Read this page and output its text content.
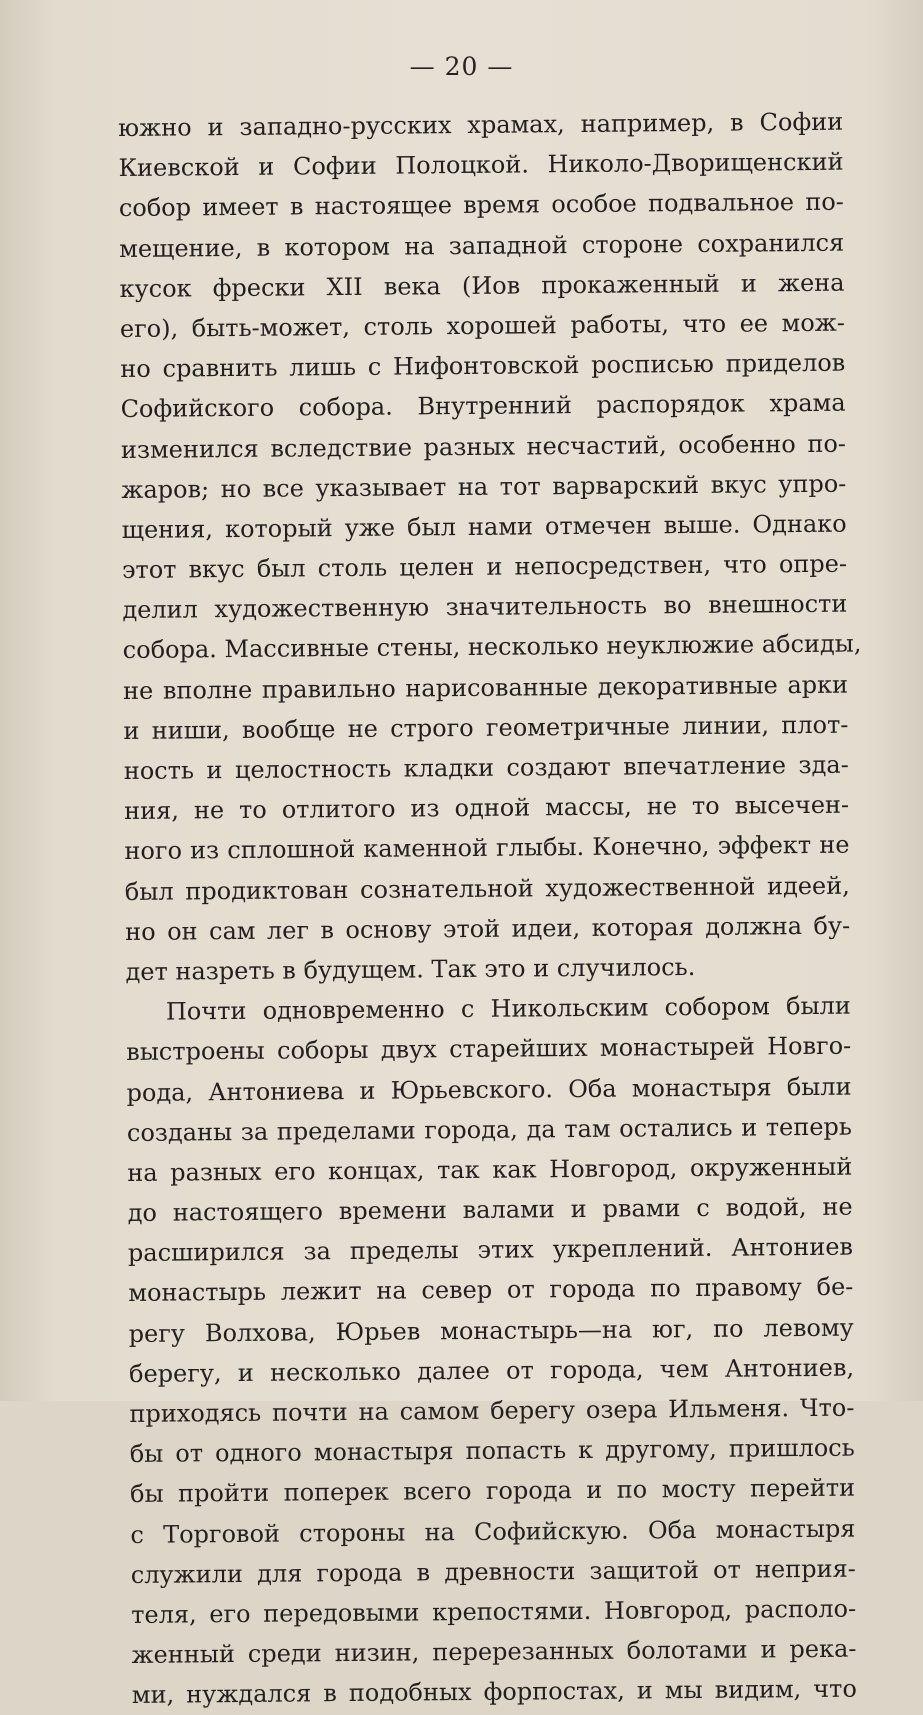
— 20 —
южно и западно-русских храмах, например, в Софии
Киевской и Софии Полоцкой. Николо-Дворищенский
собор имеет в настоящее время особое подвальное по-
мещение, в котором на западной стороне сохранился
кусок фрески XII века (Иов прокаженный и жена
его), быть-может, столь хорошей работы, что ее мож-
но сравнить лишь с Нифонтовской росписью приделов
Софийского собора. Внутренний распорядок храма
изменился вследствие разных несчастий, особенно по-
жаров; но все указывает на тот варварский вкус упро-
щения, который уже был нами отмечен выше. Однако
этот вкус был столь целен и непосредствен, что опре-
делил художественную значительность во внешности
собора. Массивные стены, несколько неуклюжие абсиды,
не вполне правильно нарисованные декоративные арки
и ниши, вообще не строго геометричные линии, плот-
ность и целостность кладки создают впечатление зда-
ния, не то отлитого из одной массы, не то высечен-
ного из сплошной каменной глыбы. Конечно, эффект не
был продиктован сознательной художественной идеей,
но он сам лег в основу этой идеи, которая должна бу-
дет назреть в будущем. Так это и случилось.
Почти одновременно с Никольским собором были
выстроены соборы двух старейших монастырей Новго-
рода, Антониева и Юрьевского. Оба монастыря были
созданы за пределами города, да там остались и теперь
на разных его концах, так как Новгород, окруженный
до настоящего времени валами и рвами с водой, не
расширился за пределы этих укреплений. Антониев
монастырь лежит на север от города по правому бе-
регу Волхова, Юрьев монастырь—на юг, по левому
берегу, и несколько далее от города, чем Антониев,
приходясь почти на самом берегу озера Ильменя. Что-
бы от одного монастыря попасть к другому, пришлось
бы пройти поперек всего города и по мосту перейти
с Торговой стороны на Софийскую. Оба монастыря
служили для города в древности защитой от неприя-
теля, его передовыми крепостями. Новгород, располо-
женный среди низин, перерезанных болотами и река-
ми, нуждался в подобных форпостах, и мы видим, что
